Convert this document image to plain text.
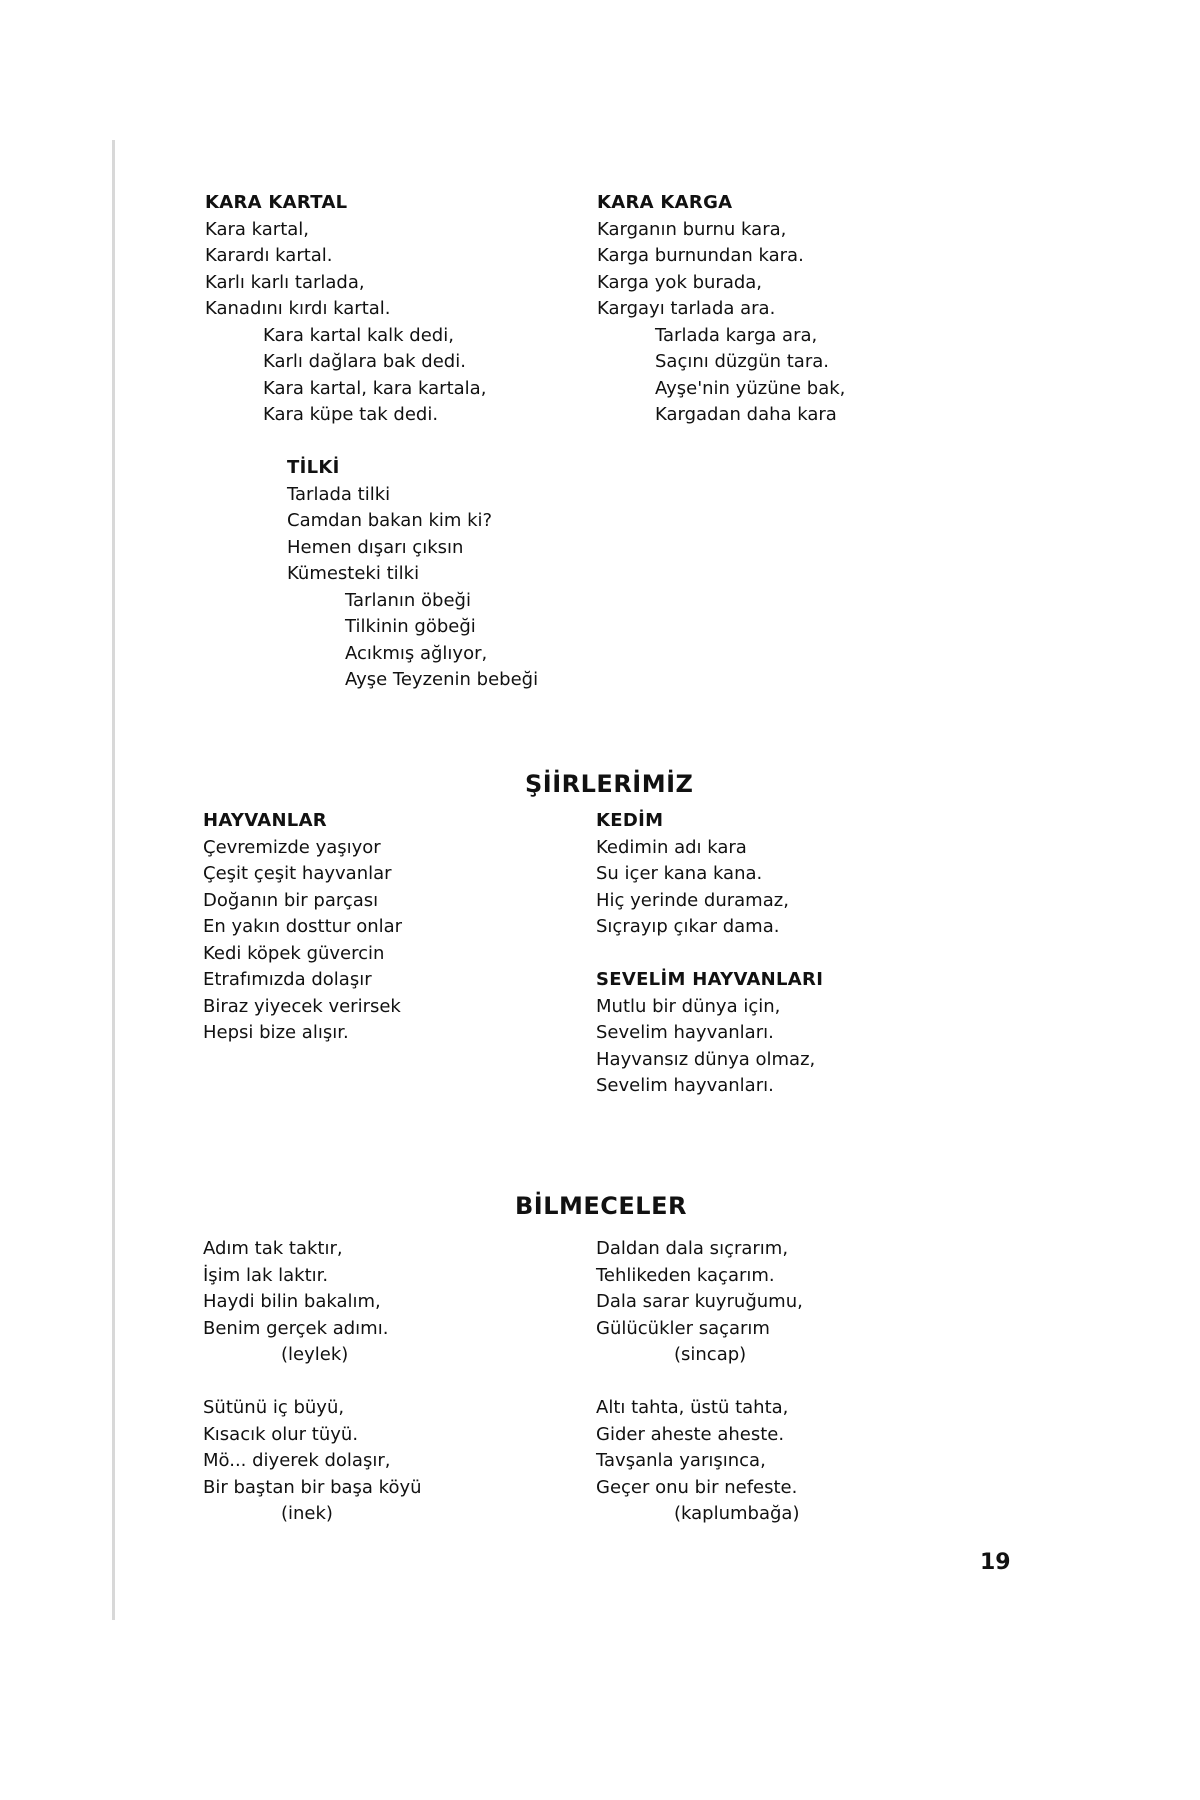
KARA KARTAL
Kara kartal,
Karardı kartal.
Karlı karlı tarlada,
Kanadını kırdı kartal.
Kara kartal kalk dedi,
Karlı dağlara bak dedi.
Kara kartal, kara kartala,
Kara küpe tak dedi.
KARA KARGA
Karganın burnu kara,
Karga burnundan kara.
Karga yok burada,
Kargayı tarlada ara.
Tarlada karga ara,
Saçını düzgün tara.
Ayşe'nin yüzüne bak,
Kargadan daha kara
TİLKİ
Tarlada tilki
Camdan bakan kim ki?
Hemen dışarı çıksın
Kümesteki tilki
Tarlanın öbeği
Tilkinin göbeği
Acıkmış ağlıyor,
Ayşe Teyzenin bebeği
ŞİİRLERİMİZ
HAYVANLAR
Çevremizde yaşıyor
Çeşit çeşit hayvanlar
Doğanın bir parçası
En yakın dosttur onlar
Kedi köpek güvercin
Etrafımızda dolaşır
Biraz yiyecek verirsek
Hepsi bize alışır.
KEDİM
Kedimin adı kara
Su içer kana kana.
Hiç yerinde duramaz,
Sıçrayıp çıkar dama.
SEVELİM HAYVANLARI
Mutlu bir dünya için,
Sevelim hayvanları.
Hayvansız dünya olmaz,
Sevelim hayvanları.
BİLMECELER
Adım tak taktır,
İşim lak laktır.
Haydi bilin bakalım,
Benim gerçek adımı.
(leylek)
Daldan dala sıçrarım,
Tehlikeden kaçarım.
Dala sarar kuyruğumu,
Gülücükler saçarım
(sincap)
Sütünü iç büyü,
Kısacık olur tüyü.
Mö... diyerek dolaşır,
Bir baştan bir başa köyü
(inek)
Altı tahta, üstü tahta,
Gider aheste aheste.
Tavşanla yarışınca,
Geçer onu bir nefeste.
(kaplumbağa)
19
